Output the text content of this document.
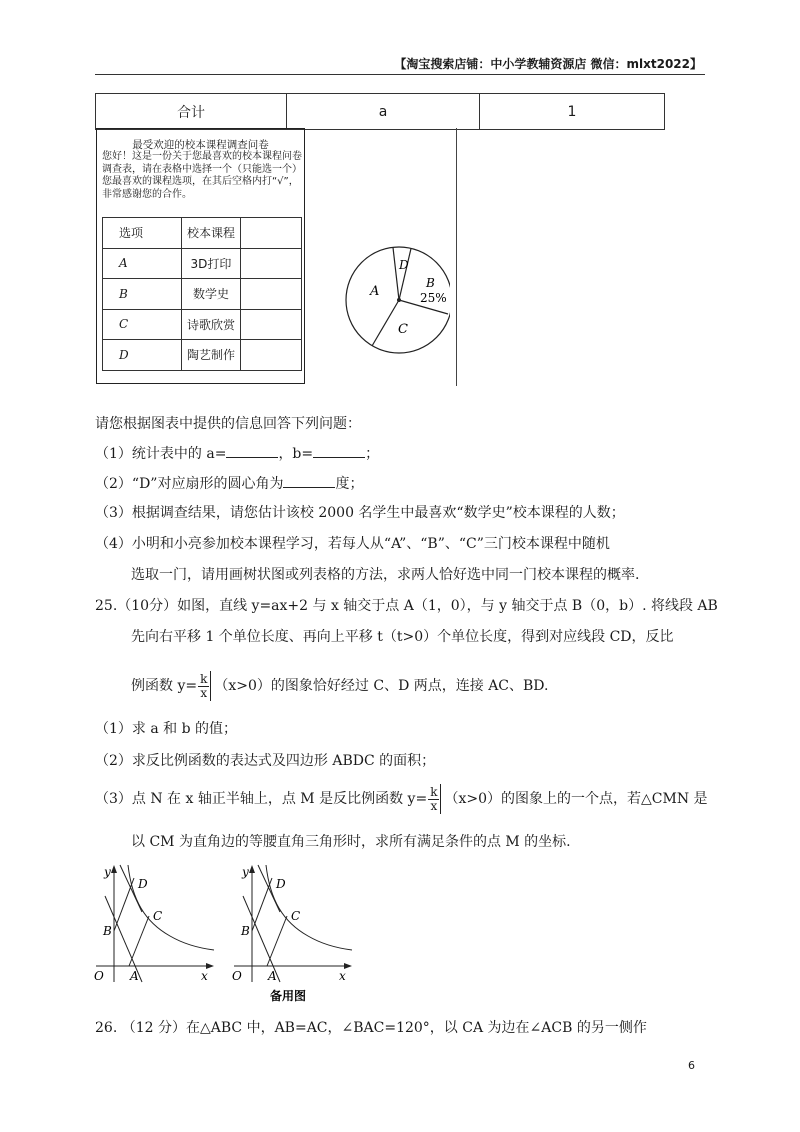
【淘宝搜索店铺：中小学教辅资源店 微信：mlxt2022】
合计	a	1
最受欢迎的校本课程调查问卷
您好！这是一份关于您最喜欢的校本课程问卷调查表，请在表格中选择一个（只能选一个）您最喜欢的课程选项，在其后空格内打“√”，非常感谢您的合作。
选项	校本课程	
A	3D打印	
B	数学史	
C	诗歌欣赏	
D	陶艺制作	
A
D
B
25%
C
请您根据图表中提供的信息回答下列问题：
（1）统计表中的 a=	，b=	；
（2）“D”对应扇形的圆心角为	度；
（3）根据调查结果，请您估计该校 2000 名学生中最喜欢“数学史”校本课程的人数；
（4）小明和小亮参加校本课程学习，若每人从“A”、“B”、“C”三门校本课程中随机
选取一门，请用画树状图或列表格的方法，求两人恰好选中同一门校本课程的概率.
25.（10分）如图，直线 y=ax+2 与 x 轴交于点 A（1，0），与 y 轴交于点 B（0，b）. 将线段 AB
先向右平移 1 个单位长度、再向上平移 t（t>0）个单位长度，得到对应线段 CD，反比
例函数 $y= \frac{k}{x} (x>0)$的图象恰好经过 C、D 两点，连接 AC、BD.
（1）求 a 和 b 的值；
（2）求反比例函数的表达式及四边形 ABDC 的面积；
（3）点 N 在 x 轴正半轴上，点 M 是反比例函数 $y= \frac{k}{x} (x>0)$的图象上的一个点，若△CMN 是
以 CM 为直角边的等腰直角三角形时，求所有满足条件的点 M 的坐标.
y
x
O A
B
D
C
y
x
O A
B
D
C
备用图
26. （12 分）在△ABC 中，AB=AC，∠BAC=120°，以 CA 为边在∠ACB 的另一侧作
6
